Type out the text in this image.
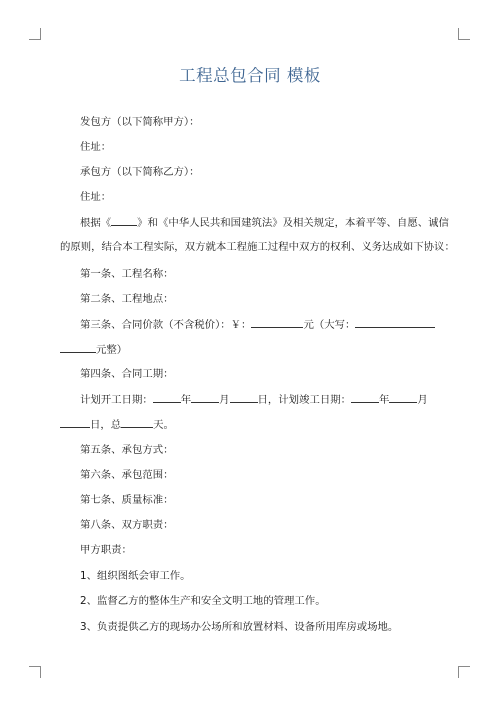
工程总包合同 模板
发包方（以下简称甲方）：
住址：
承包方（以下简称乙方）：
住址：
根据《	》和《中华人民共和国建筑法》及相关规定，本着平等、自愿、诚信
的原则，结合本工程实际，双方就本工程施工过程中双方的权利、义务达成如下协议：
第一条、工程名称：
第二条、工程地点：
第三条、合同价款（不含税价）：￥：	元（大写：
元整）
第四条、合同工期：
计划开工日期：	年	月	日，计划竣工日期：	年	月
日，总	天。
第五条、承包方式：
第六条、承包范围：
第七条、质量标准：
第八条、双方职责：
甲方职责：
1、组织图纸会审工作。
2、监督乙方的整体生产和安全文明工地的管理工作。
3、负责提供乙方的现场办公场所和放置材料、设备所用库房或场地。
